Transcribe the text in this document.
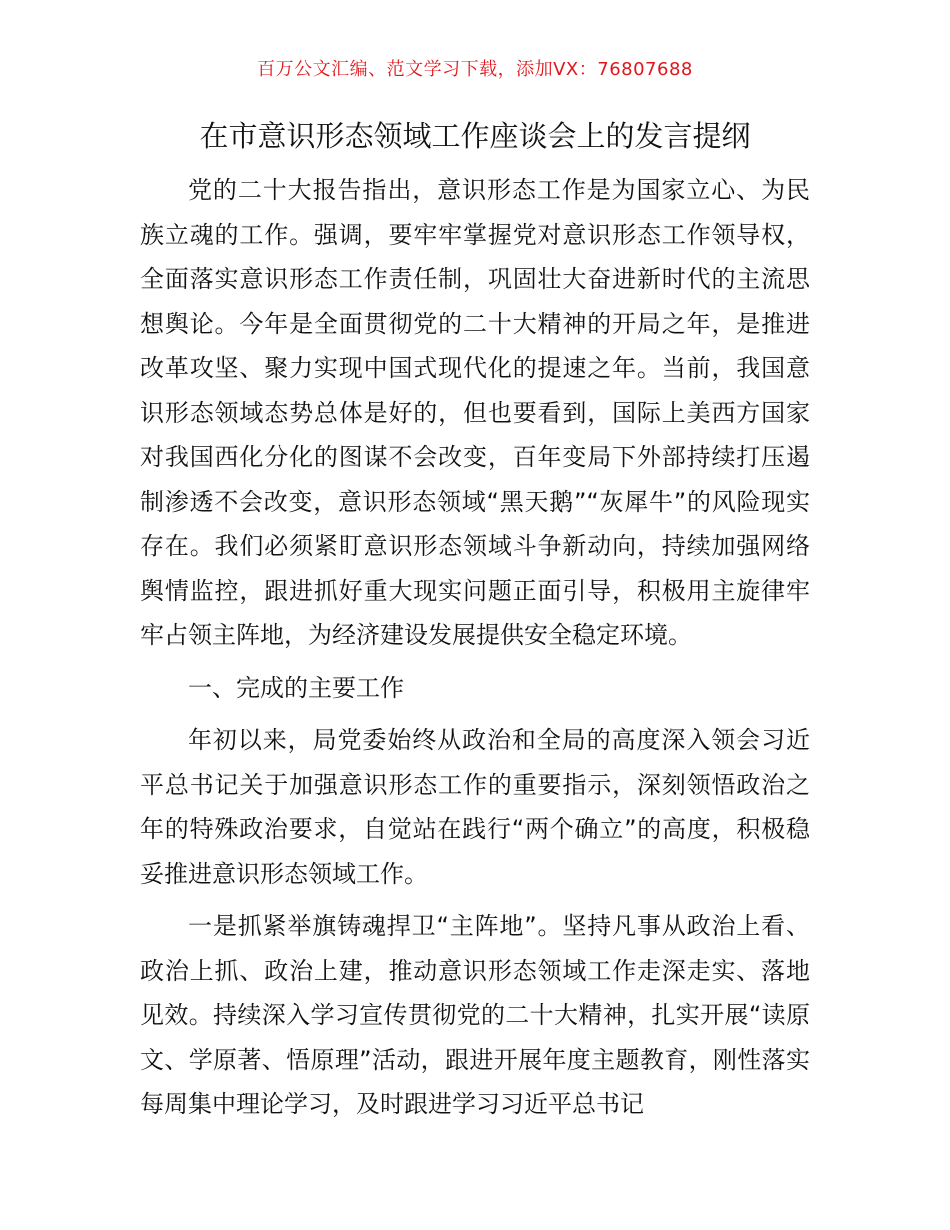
百万公文汇编、范文学习下载，添加VX：76807688
在市意识形态领域工作座谈会上的发言提纲

党的二十大报告指出，意识形态工作是为国家立心、为民族立魂的工作。强调，要牢牢掌握党对意识形态工作领导权，全面落实意识形态工作责任制，巩固壮大奋进新时代的主流思想舆论。今年是全面贯彻党的二十大精神的开局之年，是推进改革攻坚、聚力实现中国式现代化的提速之年。当前，我国意识形态领域态势总体是好的，但也要看到，国际上美西方国家对我国西化分化的图谋不会改变，百年变局下外部持续打压遏制渗透不会改变，意识形态领域“黑天鹅”“灰犀牛”的风险现实存在。我们必须紧盯意识形态领域斗争新动向，持续加强网络舆情监控，跟进抓好重大现实问题正面引导，积极用主旋律牢牢占领主阵地，为经济建设发展提供安全稳定环境。

一、完成的主要工作

年初以来，局党委始终从政治和全局的高度深入领会习近平总书记关于加强意识形态工作的重要指示，深刻领悟政治之年的特殊政治要求，自觉站在践行“两个确立”的高度，积极稳妥推进意识形态领域工作。

一是抓紧举旗铸魂捍卫“主阵地”。坚持凡事从政治上看、政治上抓、政治上建，推动意识形态领域工作走深走实、落地见效。持续深入学习宣传贯彻党的二十大精神，扎实开展“读原文、学原著、悟原理”活动，跟进开展年度主题教育，刚性落实每周集中理论学习，及时跟进学习习近平总书记
